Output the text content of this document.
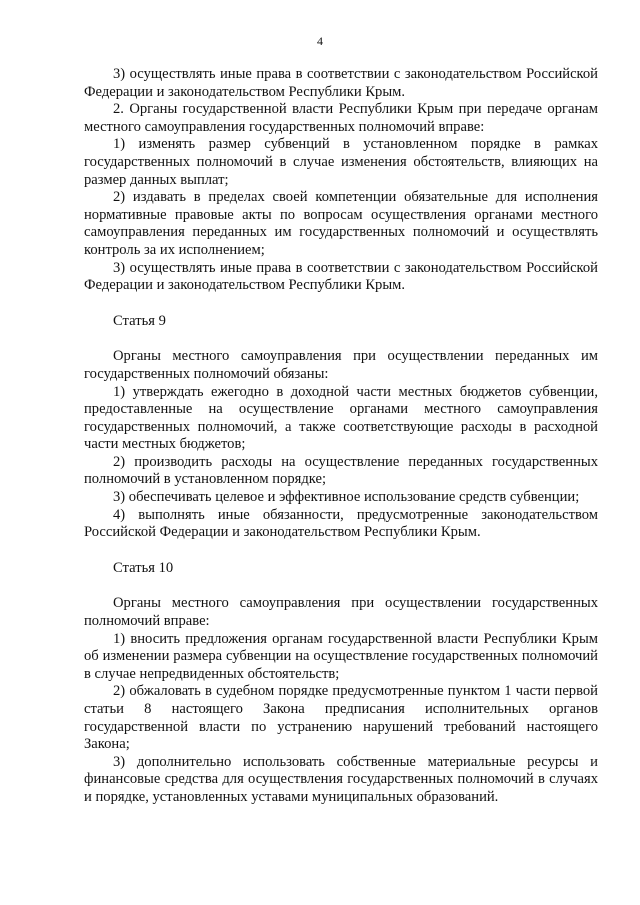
4

3) осуществлять иные права в соответствии с законодательством Российской Федерации и законодательством Республики Крым.

2. Органы государственной власти Республики Крым при передаче органам местного самоуправления государственных полномочий вправе:

1) изменять размер субвенций в установленном порядке в рамках государственных полномочий в случае изменения обстоятельств, влияющих на размер данных выплат;

2) издавать в пределах своей компетенции обязательные для исполнения нормативные правовые акты по вопросам осуществления органами местного самоуправления переданных им государственных полномочий и осуществлять контроль за их исполнением;

3) осуществлять иные права в соответствии с законодательством Российской Федерации и законодательством Республики Крым.

Статья 9

Органы местного самоуправления при осуществлении переданных им государственных полномочий обязаны:

1) утверждать ежегодно в доходной части местных бюджетов субвенции, предоставленные на осуществление органами местного самоуправления государственных полномочий, а также соответствующие расходы в расходной части местных бюджетов;

2) производить расходы на осуществление переданных государственных полномочий в установленном порядке;

3) обеспечивать целевое и эффективное использование средств субвенции;

4) выполнять иные обязанности, предусмотренные законодательством Российской Федерации и законодательством Республики Крым.

Статья 10

Органы местного самоуправления при осуществлении государственных полномочий вправе:

1) вносить предложения органам государственной власти Республики Крым об изменении размера субвенции на осуществление государственных полномочий в случае непредвиденных обстоятельств;

2) обжаловать в судебном порядке предусмотренные пунктом 1 части первой статьи 8 настоящего Закона предписания исполнительных органов государственной власти по устранению нарушений требований настоящего Закона;

3) дополнительно использовать собственные материальные ресурсы и финансовые средства для осуществления государственных полномочий в случаях и порядке, установленных уставами муниципальных образований.
